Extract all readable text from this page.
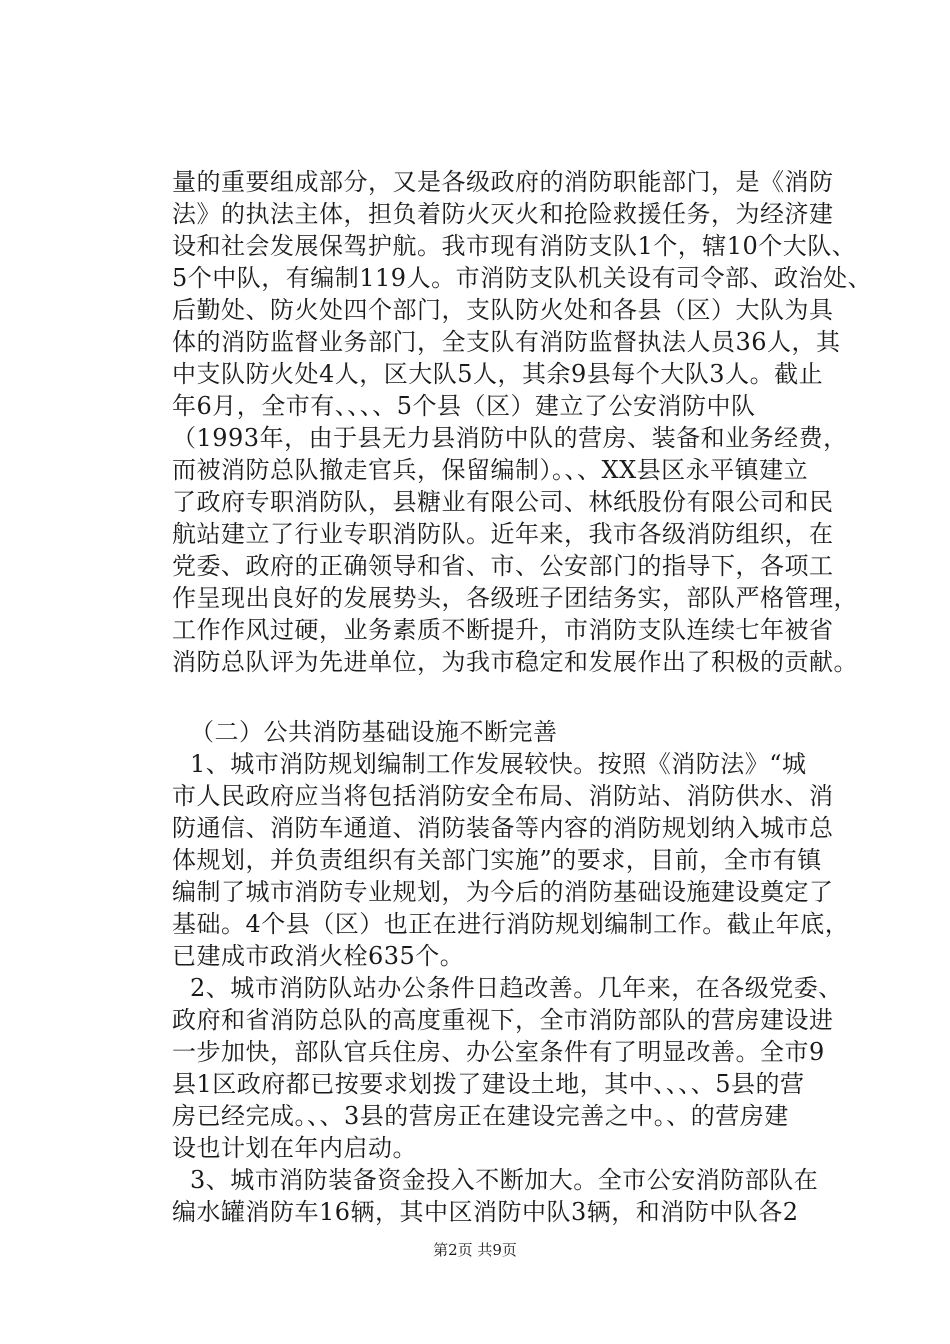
量的重要组成部分，又是各级政府的消防职能部门，是《消防
法》的执法主体，担负着防火灭火和抢险救援任务，为经济建
设和社会发展保驾护航。我市现有消防支队1个，辖10个大队、
5个中队，有编制119人。市消防支队机关设有司令部、政治处、
后勤处、防火处四个部门，支队防火处和各县（区）大队为具
体的消防监督业务部门，全支队有消防监督执法人员36人，其
中支队防火处4人，区大队5人，其余9县每个大队3人。截止
年6月，全市有、、、、5个县（区）建立了公安消防中队
（1993年，由于县无力县消防中队的营房、装备和业务经费，
而被消防总队撤走官兵，保留编制）。、、XX县区永平镇建立
了政府专职消防队，县糖业有限公司、林纸股份有限公司和民
航站建立了行业专职消防队。近年来，我市各级消防组织，在
党委、政府的正确领导和省、市、公安部门的指导下，各项工
作呈现出良好的发展势头，各级班子团结务实，部队严格管理，
工作作风过硬，业务素质不断提升，市消防支队连续七年被省
消防总队评为先进单位，为我市稳定和发展作出了积极的贡献。
（二）公共消防基础设施不断完善
1、城市消防规划编制工作发展较快。按照《消防法》“城
市人民政府应当将包括消防安全布局、消防站、消防供水、消
防通信、消防车通道、消防装备等内容的消防规划纳入城市总
体规划，并负责组织有关部门实施”的要求，目前，全市有镇
编制了城市消防专业规划，为今后的消防基础设施建设奠定了
基础。4个县（区）也正在进行消防规划编制工作。截止年底，
已建成市政消火栓635个。
2、城市消防队站办公条件日趋改善。几年来，在各级党委、
政府和省消防总队的高度重视下，全市消防部队的营房建设进
一步加快，部队官兵住房、办公室条件有了明显改善。全市9
县1区政府都已按要求划拨了建设土地，其中、、、、5县的营
房已经完成。、、3县的营房正在建设完善之中。、的营房建
设也计划在年内启动。
3、城市消防装备资金投入不断加大。全市公安消防部队在
编水罐消防车16辆，其中区消防中队3辆，和消防中队各2
第2页 共9页
